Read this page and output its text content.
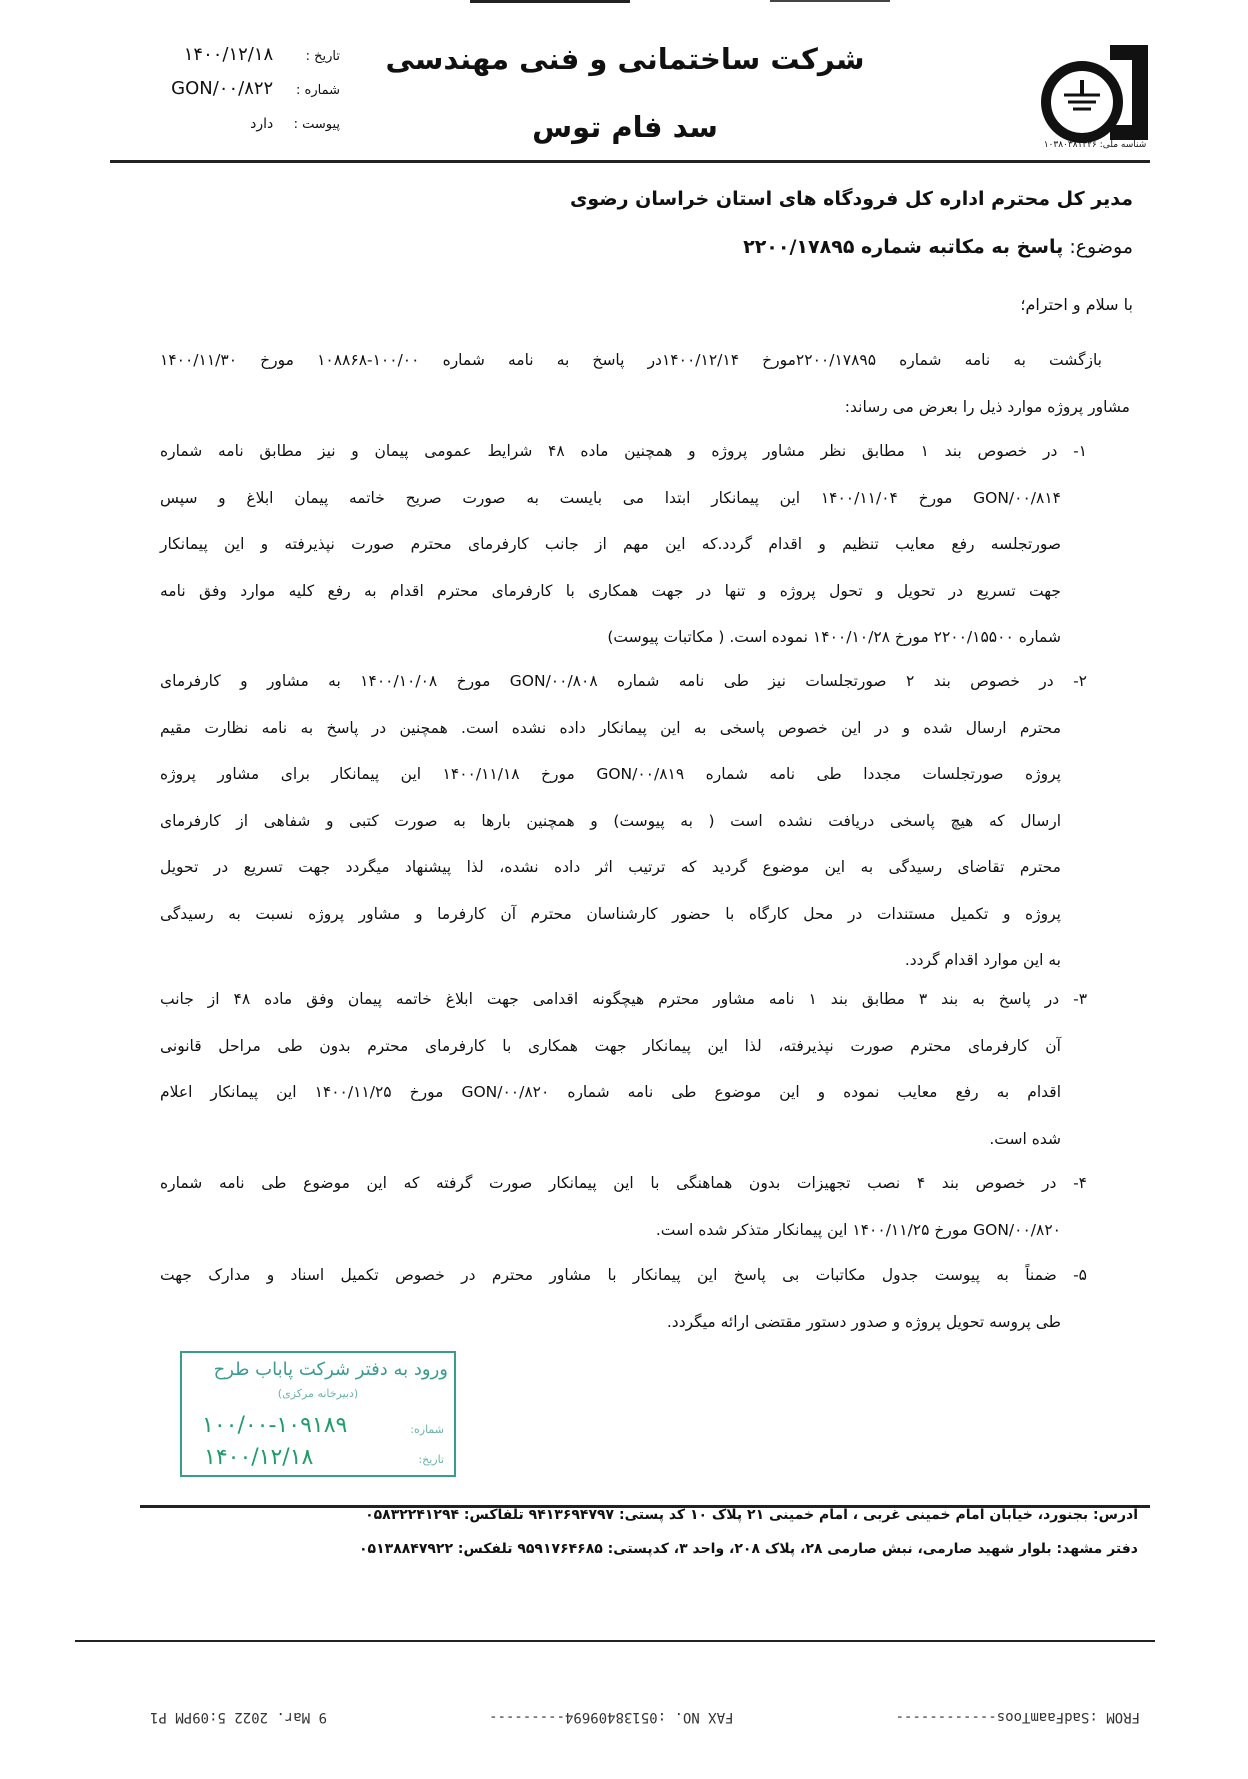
شرکت ساختمانی و فنی مهندسی
سد فام توس
تاریخ : ۱۴۰۰/۱۲/۱۸
شماره : GON/۰۰/۸۲۲
پیوست : دارد
شناسه ملی: ۱۰۳۸۰۳۸۱۳۲۶
مدیر کل محترم اداره کل فرودگاه های استان خراسان رضوی
موضوع: پاسخ به مکاتبه شماره ۲۲۰۰/۱۷۸۹۵
با سلام و احترام؛
بازگشت به نامه شماره ۲۲۰۰/۱۷۸۹۵مورخ ۱۴۰۰/۱۲/۱۴در پاسخ به نامه شماره ۱۰۰/۰۰-۱۰۸۸۶۸ مورخ ۱۴۰۰/۱۱/۳۰
مشاور پروژه موارد ذیل را بعرض می رساند:
۱- در خصوص بند ۱ مطابق نظر مشاور پروژه و همچنین ماده ۴۸ شرایط عمومی پیمان و نیز مطابق نامه شماره
GON/۰۰/۸۱۴ مورخ ۱۴۰۰/۱۱/۰۴ این پیمانکار ابتدا می بایست به صورت صریح خاتمه پیمان ابلاغ و سپس
صورتجلسه رفع معایب تنظیم و اقدام گردد.که این مهم از جانب کارفرمای محترم صورت نپذیرفته و این پیمانکار
جهت تسریع در تحویل و تحول پروژه و تنها در جهت همکاری با کارفرمای محترم اقدام به رفع کلیه موارد وفق نامه
شماره ۲۲۰۰/۱۵۵۰۰ مورخ ۱۴۰۰/۱۰/۲۸ نموده است. ( مکاتبات پیوست)
۲- در خصوص بند ۲ صورتجلسات نیز طی نامه شماره GON/۰۰/۸۰۸ مورخ ۱۴۰۰/۱۰/۰۸ به مشاور و کارفرمای
محترم ارسال شده و در این خصوص پاسخی به این پیمانکار داده نشده است. همچنین در پاسخ به نامه نظارت مقیم
پروژه صورتجلسات مجددا طی نامه شماره GON/۰۰/۸۱۹ مورخ ۱۴۰۰/۱۱/۱۸ این پیمانکار برای مشاور پروژه
ارسال که هیچ پاسخی دریافت نشده است ( به پیوست) و همچنین بارها به صورت کتبی و شفاهی از کارفرمای
محترم تقاضای رسیدگی به این موضوع گردید که ترتیب اثر داده نشده، لذا پیشنهاد میگردد جهت تسریع در تحویل
پروژه و تکمیل مستندات در محل کارگاه با حضور کارشناسان محترم آن کارفرما و مشاور پروژه نسبت به رسیدگی
به این موارد اقدام گردد.
۳- در پاسخ به بند ۳ مطابق بند ۱ نامه مشاور محترم هیچگونه اقدامی جهت ابلاغ خاتمه پیمان وفق ماده ۴۸ از جانب
آن کارفرمای محترم صورت نپذیرفته، لذا این پیمانکار جهت همکاری با کارفرمای محترم بدون طی مراحل قانونی
اقدام به رفع معایب نموده و این موضوع طی نامه شماره GON/۰۰/۸۲۰ مورخ ۱۴۰۰/۱۱/۲۵ این پیمانکار اعلام
شده است.
۴- در خصوص بند ۴ نصب تجهیزات بدون هماهنگی با این پیمانکار صورت گرفته که این موضوع طی نامه شماره
GON/۰۰/۸۲۰ مورخ ۱۴۰۰/۱۱/۲۵ این پیمانکار متذکر شده است.
۵- ضمناً به پیوست جدول مکاتبات بی پاسخ این پیمانکار با مشاور محترم در خصوص تکمیل اسناد و مدارک جهت
طی پروسه تحویل پروژه و صدور دستور مقتضی ارائه میگردد.
ورود به دفتر شرکت پاباب طرح
(دبیرخانه مرکزی)
شماره:
۱۰۰/۰۰-۱۰۹۱۸۹
تاریخ:
۱۴۰۰/۱۲/۱۸
آدرس: بجنورد، خیابان امام خمینی غربی ، امام خمینی ۲۱ پلاک ۱۰ کد پستی: ۹۴۱۳۶۹۴۷۹۷ تلفاکس: ۰۵۸۳۲۲۴۱۲۹۴
دفتر مشهد: بلوار شهید صارمی، نبش صارمی ۲۸، پلاک ۲۰۸، واحد ۳، کدپستی: ۹۵۹۱۷۶۴۶۸۵ تلفکس: ۰۵۱۳۸۸۴۷۹۲۲
FROM :SadFaamToos------------
FAX NO. :05138409694---------
9 Mar. 2022 5:09PM P1
